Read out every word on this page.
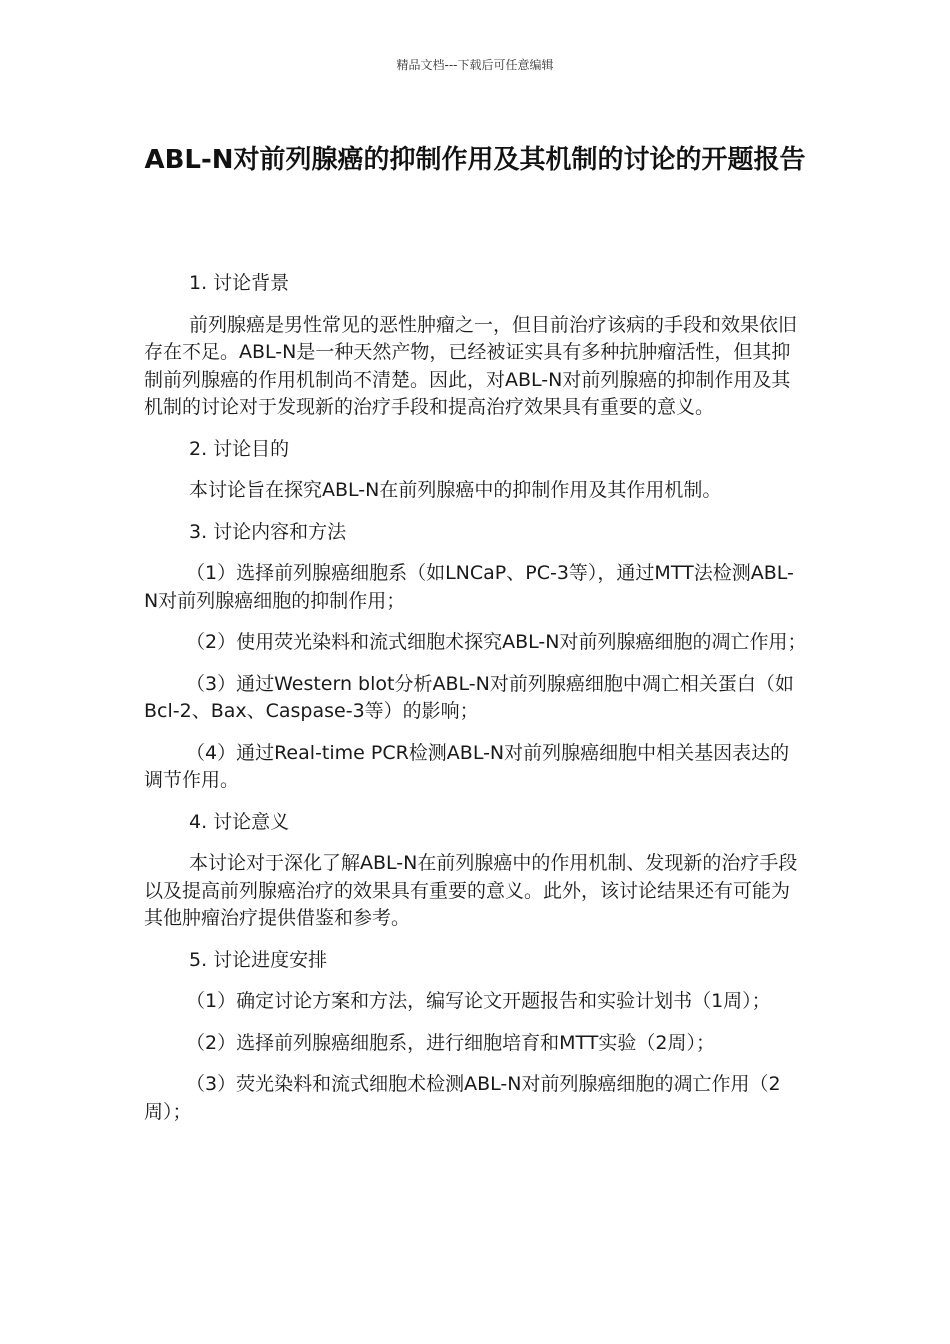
精品文档---下载后可任意编辑
ABL-N对前列腺癌的抑制作用及其机制的讨论的开题报告

1. 讨论背景

前列腺癌是男性常见的恶性肿瘤之一，但目前治疗该病的手段和效果依旧存在不足。ABL-N是一种天然产物，已经被证实具有多种抗肿瘤活性，但其抑制前列腺癌的作用机制尚不清楚。因此，对ABL-N对前列腺癌的抑制作用及其机制的讨论对于发现新的治疗手段和提高治疗效果具有重要的意义。

2. 讨论目的

本讨论旨在探究ABL-N在前列腺癌中的抑制作用及其作用机制。

3. 讨论内容和方法

（1）选择前列腺癌细胞系（如LNCaP、PC-3等），通过MTT法检测ABL-N对前列腺癌细胞的抑制作用；

（2）使用荧光染料和流式细胞术探究ABL-N对前列腺癌细胞的凋亡作用；

（3）通过Western blot分析ABL-N对前列腺癌细胞中凋亡相关蛋白（如Bcl-2、Bax、Caspase-3等）的影响；

（4）通过Real-time PCR检测ABL-N对前列腺癌细胞中相关基因表达的调节作用。

4. 讨论意义

本讨论对于深化了解ABL-N在前列腺癌中的作用机制、发现新的治疗手段以及提高前列腺癌治疗的效果具有重要的意义。此外，该讨论结果还有可能为其他肿瘤治疗提供借鉴和参考。

5. 讨论进度安排

（1）确定讨论方案和方法，编写论文开题报告和实验计划书（1周）；

（2）选择前列腺癌细胞系，进行细胞培育和MTT实验（2周）；

（3）荧光染料和流式细胞术检测ABL-N对前列腺癌细胞的凋亡作用（2周）；
